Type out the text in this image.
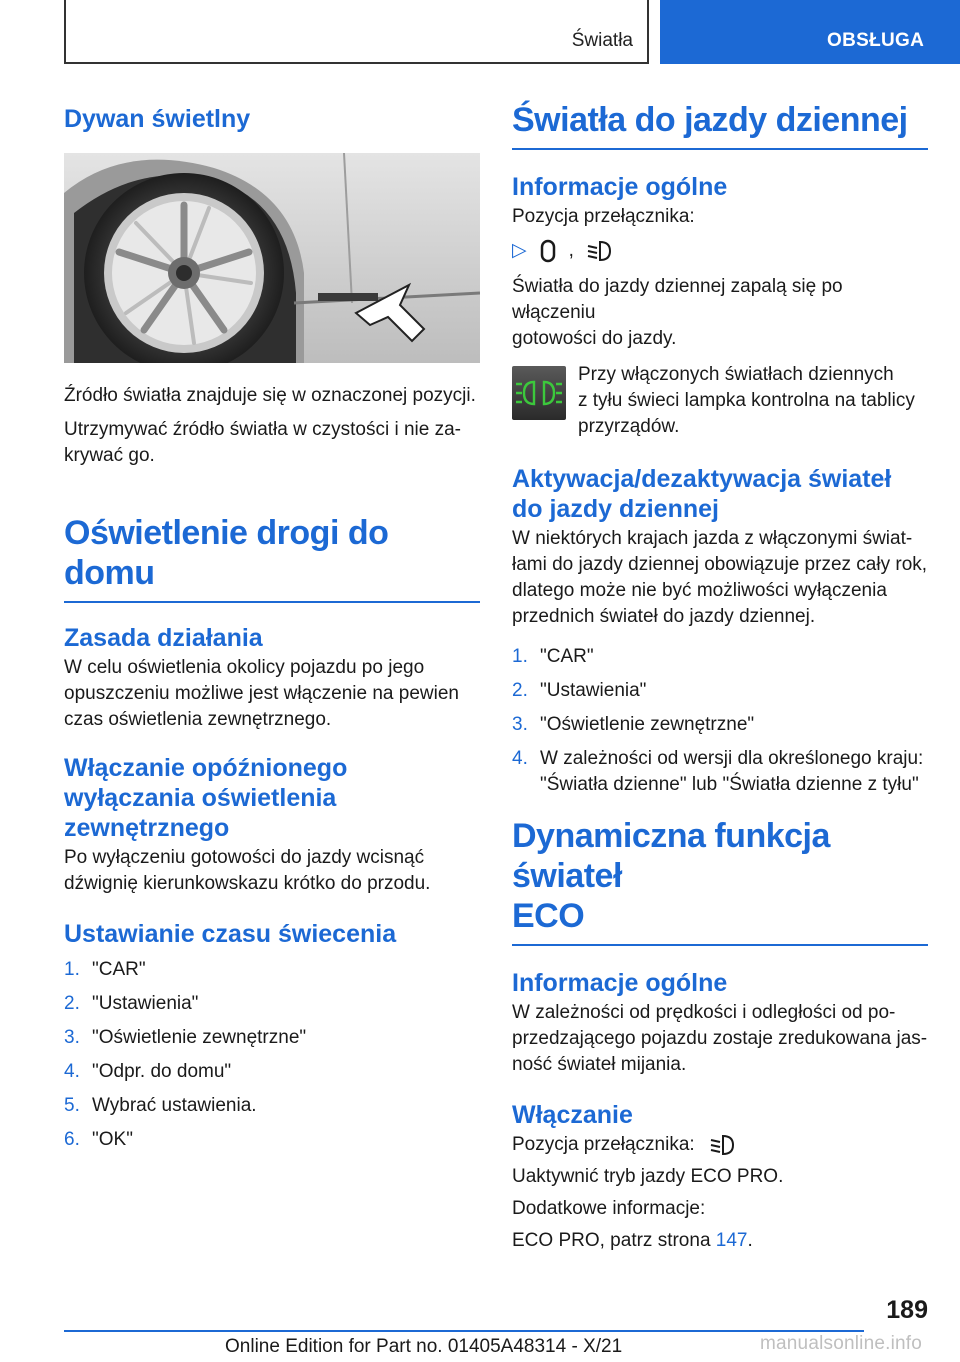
Światła	OBSŁUGA
Dywan świetlny
Źródło światła znajduje się w oznaczonej pozycji.
Utrzymywać źródło światła w czystości i nie za-
krywać go.
Oświetlenie drogi do domu
Zasada działania
W celu oświetlenia okolicy pojazdu po jego
opuszczeniu możliwe jest włączenie na pewien
czas oświetlenia zewnętrznego.
Włączanie opóźnionego
wyłączania oświetlenia
zewnętrznego
Po wyłączeniu gotowości do jazdy wcisnąć
dźwignię kierunkowskazu krótko do przodu.
Ustawianie czasu świecenia
1. "CAR"
2. "Ustawienia"
3. "Oświetlenie zewnętrzne"
4. "Odpr. do domu"
5. Wybrać ustawienia.
6. "OK"
Światła do jazdy dziennej
Informacje ogólne
Pozycja przełącznika:
▷ ,
Światła do jazdy dziennej zapalą się po włączeniu
gotowości do jazdy.
Przy włączonych światłach dziennych
z tyłu świeci lampka kontrolna na tablicy
przyrządów.
Aktywacja/dezaktywacja świateł
do jazdy dziennej
W niektórych krajach jazda z włączonymi świat-
łami do jazdy dziennej obowiązuje przez cały rok,
dlatego może nie być możliwości wyłączenia
przednich świateł do jazdy dziennej.
1. "CAR"
2. "Ustawienia"
3. "Oświetlenie zewnętrzne"
4. W zależności od wersji dla określonego kraju:
"Światła dzienne" lub "Światła dzienne z tyłu"
Dynamiczna funkcja świateł
ECO
Informacje ogólne
W zależności od prędkości i odległości od po-
przedzającego pojazdu zostaje zredukowana jas-
ność świateł mijania.
Włączanie
Pozycja przełącznika:
Uaktywnić tryb jazdy ECO PRO.
Dodatkowe informacje:
ECO PRO, patrz strona 147.
189
Online Edition for Part no. 01405A48314 - X/21	manualsonline.info
